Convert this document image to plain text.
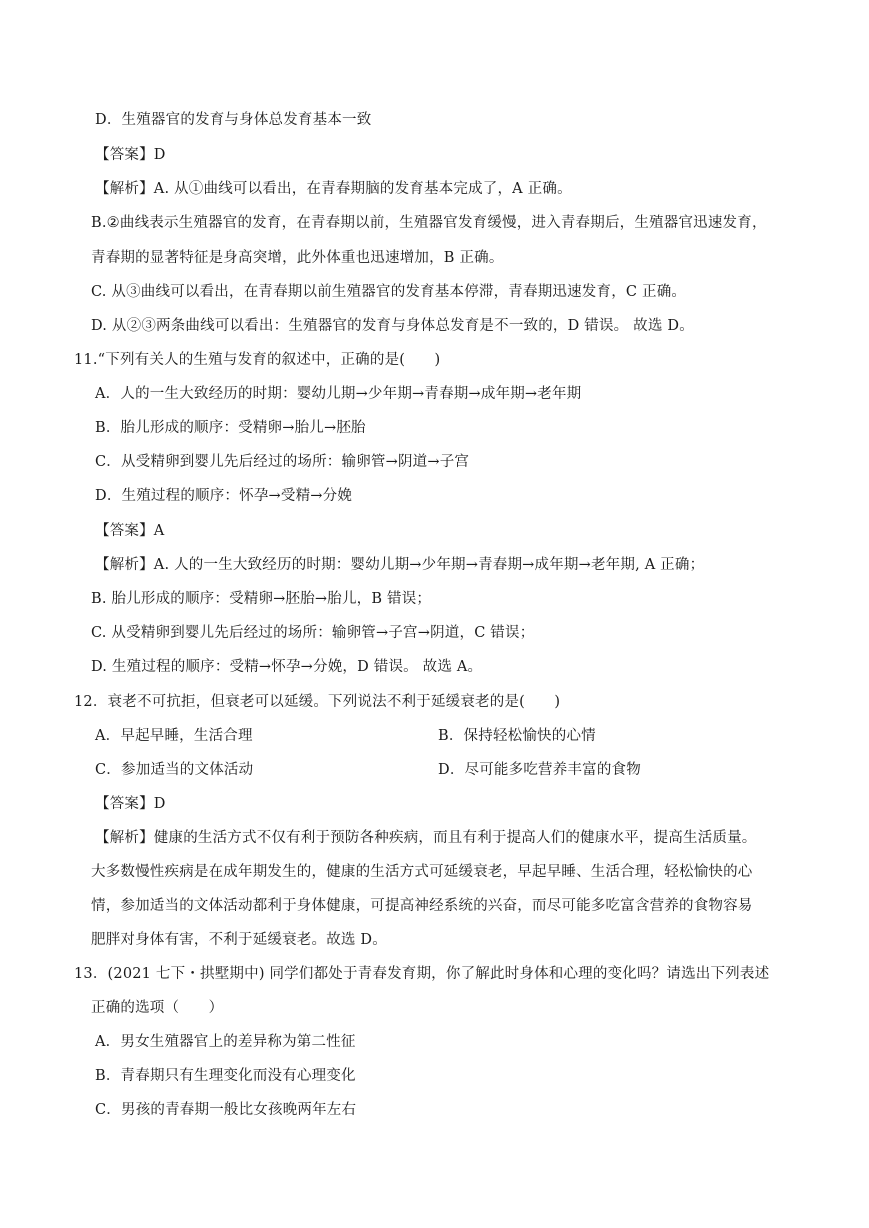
D．生殖器官的发育与身体总发育基本一致
【答案】D
【解析】A. 从①曲线可以看出，在青春期脑的发育基本完成了，A 正确。
B.②曲线表示生殖器官的发育，在青春期以前，生殖器官发育缓慢，进入青春期后，生殖器官迅速发育，
青春期的显著特征是身高突增，此外体重也迅速增加，B 正确。
C. 从③曲线可以看出，在青春期以前生殖器官的发育基本停滞，青春期迅速发育，C 正确。
D. 从②③两条曲线可以看出：生殖器官的发育与身体总发育是不一致的，D 错误。 故选 D。
11.“下列有关人的生殖与发育的叙述中，正确的是(　　)
A．人的一生大致经历的时期：婴幼儿期→少年期→青春期→成年期→老年期
B．胎儿形成的顺序：受精卵→胎儿→胚胎
C．从受精卵到婴儿先后经过的场所：输卵管→阴道→子宫
D．生殖过程的顺序：怀孕→受精→分娩
【答案】A
【解析】A. 人的一生大致经历的时期：婴幼儿期→少年期→青春期→成年期→老年期, A 正确；
B. 胎儿形成的顺序：受精卵→胚胎→胎儿，B 错误；
C. 从受精卵到婴儿先后经过的场所：输卵管→子宫→阴道，C 错误；
D. 生殖过程的顺序：受精→怀孕→分娩，D 错误。 故选 A。
12．衰老不可抗拒，但衰老可以延缓。下列说法不利于延缓衰老的是(　　)
A．早起早睡，生活合理	B．保持轻松愉快的心情
C．参加适当的文体活动	D．尽可能多吃营养丰富的食物
【答案】D
【解析】健康的生活方式不仅有利于预防各种疾病，而且有利于提高人们的健康水平，提高生活质量。
大多数慢性疾病是在成年期发生的，健康的生活方式可延缓衰老，早起早睡、生活合理，轻松愉快的心
情，参加适当的文体活动都利于身体健康，可提高神经系统的兴奋，而尽可能多吃富含营养的食物容易
肥胖对身体有害，不利于延缓衰老。故选 D。
13．(2021 七下・拱墅期中) 同学们都处于青春发育期，你了解此时身体和心理的变化吗？请选出下列表述
正确的选项（　　）
A．男女生殖器官上的差异称为第二性征
B．青春期只有生理变化而没有心理变化
C．男孩的青春期一般比女孩晚两年左右
